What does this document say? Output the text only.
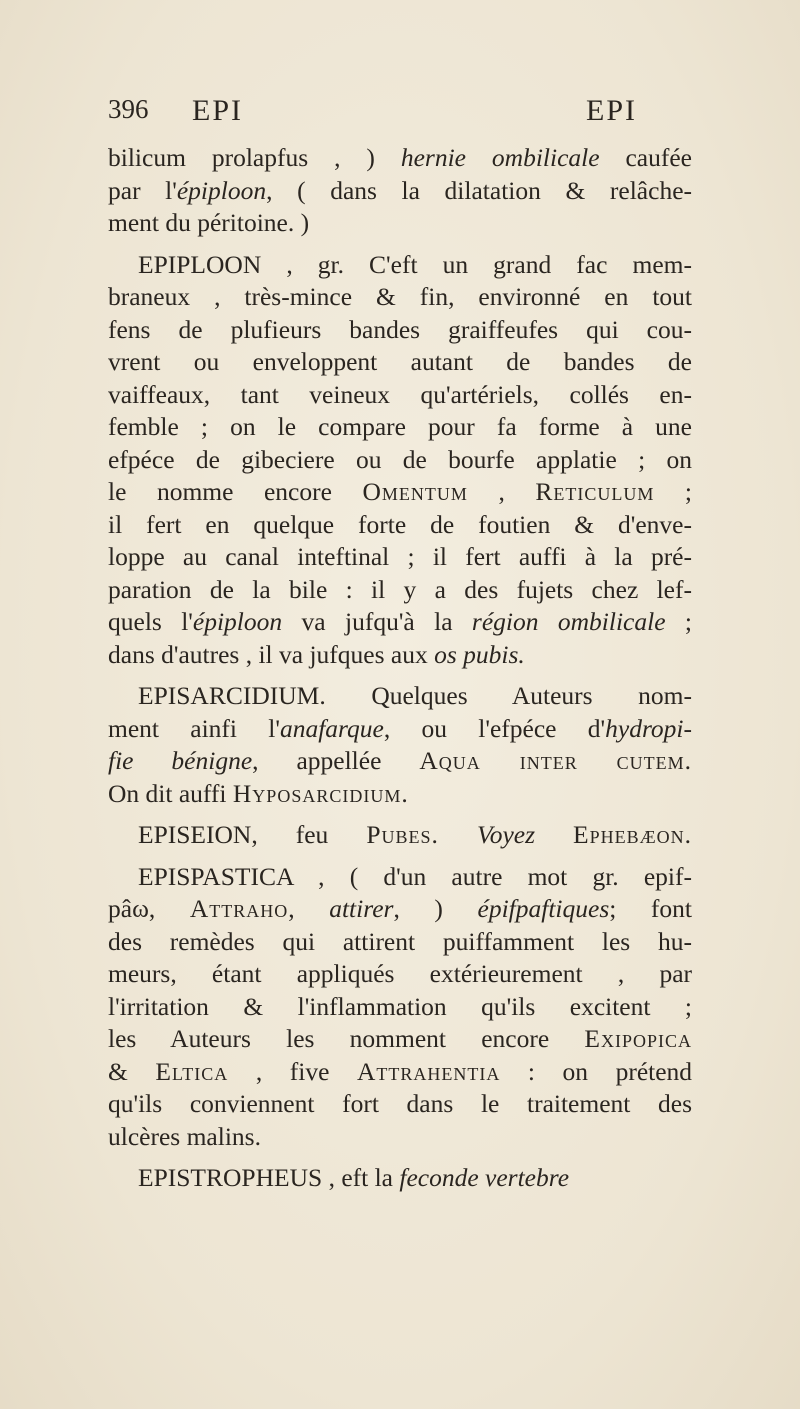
396 EPI	EPI
bilicum prolapfus , ) hernie ombilicale caufée
par l'épiploon, ( dans la dilatation & relâche-
ment du péritoine. )
EPIPLOON , gr. C'eft un grand fac mem-
braneux , très-mince & fin, environné en tout
fens de plufieurs bandes graiffeufes qui cou-
vrent ou enveloppent autant de bandes de
vaiffeaux, tant veineux qu'artériels, collés en-
femble ; on le compare pour fa forme à une
efpéce de gibeciere ou de bourfe applatie ; on
le nomme encore Omentum , Reticulum ;
il fert en quelque forte de foutien & d'enve-
loppe au canal inteftinal ; il fert auffi à la pré-
paration de la bile : il y a des fujets chez lef-
quels l'épiploon va jufqu'à la région ombilicale ;
dans d'autres , il va jufques aux os pubis.
EPISARCIDIUM. Quelques Auteurs nom-
ment ainfi l'anafarque, ou l'efpéce d'hydropi-
fie bénigne, appellée Aqua inter cutem.
On dit auffi Hyposarcidium.
EPISEION, feu Pubes. Voyez Ephebæon.
EPISPASTICA , ( d'un autre mot gr. epif-
pâω, Attraho, attirer, ) épifpaftiques; font
des remèdes qui attirent puiffamment les hu-
meurs, étant appliqués extérieurement , par
l'irritation & l'inflammation qu'ils excitent ;
les Auteurs les nomment encore Exipopica
& Eltica , five Attrahentia : on prétend
qu'ils conviennent fort dans le traitement des
ulcères malins.
EPISTROPHEUS , eft la feconde vertebre
